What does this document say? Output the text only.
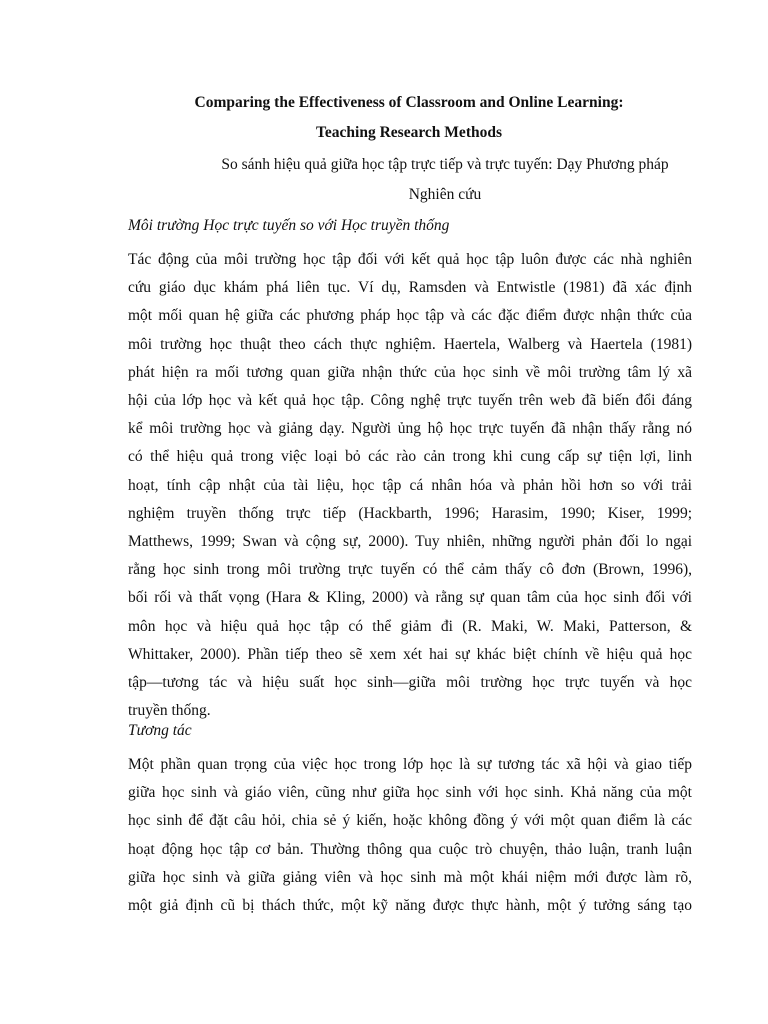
Comparing the Effectiveness of Classroom and Online Learning:
Teaching Research Methods
So sánh hiệu quả giữa học tập trực tiếp và trực tuyến: Dạy Phương pháp
Nghiên cứu
Môi trường Học trực tuyến so với Học truyền thống
Tác động của môi trường học tập đối với kết quả học tập luôn được các nhà nghiên
cứu giáo dục khám phá liên tục. Ví dụ, Ramsden và Entwistle (1981) đã xác định
một mối quan hệ giữa các phương pháp học tập và các đặc điểm được nhận thức của
môi trường học thuật theo cách thực nghiệm. Haertela, Walberg và Haertela (1981)
phát hiện ra mối tương quan giữa nhận thức của học sinh về môi trường tâm lý xã
hội của lớp học và kết quả học tập. Công nghệ trực tuyến trên web đã biến đổi đáng
kể môi trường học và giảng dạy. Người ủng hộ học trực tuyến đã nhận thấy rằng nó
có thể hiệu quả trong việc loại bỏ các rào cản trong khi cung cấp sự tiện lợi, linh
hoạt, tính cập nhật của tài liệu, học tập cá nhân hóa và phản hồi hơn so với trải
nghiệm truyền thống trực tiếp (Hackbarth, 1996; Harasim, 1990; Kiser, 1999;
Matthews, 1999; Swan và cộng sự, 2000). Tuy nhiên, những người phản đối lo ngại
rằng học sinh trong môi trường trực tuyến có thể cảm thấy cô đơn (Brown, 1996),
bối rối và thất vọng (Hara & Kling, 2000) và rằng sự quan tâm của học sinh đối với
môn học và hiệu quả học tập có thể giảm đi (R. Maki, W. Maki, Patterson, &
Whittaker, 2000). Phần tiếp theo sẽ xem xét hai sự khác biệt chính về hiệu quả học
tập—tương tác và hiệu suất học sinh—giữa môi trường học trực tuyến và học
truyền thống.
Tương tác
Một phần quan trọng của việc học trong lớp học là sự tương tác xã hội và giao tiếp
giữa học sinh và giáo viên, cũng như giữa học sinh với học sinh. Khả năng của một
học sinh để đặt câu hỏi, chia sẻ ý kiến, hoặc không đồng ý với một quan điểm là các
hoạt động học tập cơ bản. Thường thông qua cuộc trò chuyện, thảo luận, tranh luận
giữa học sinh và giữa giảng viên và học sinh mà một khái niệm mới được làm rõ,
một giả định cũ bị thách thức, một kỹ năng được thực hành, một ý tưởng sáng tạo
